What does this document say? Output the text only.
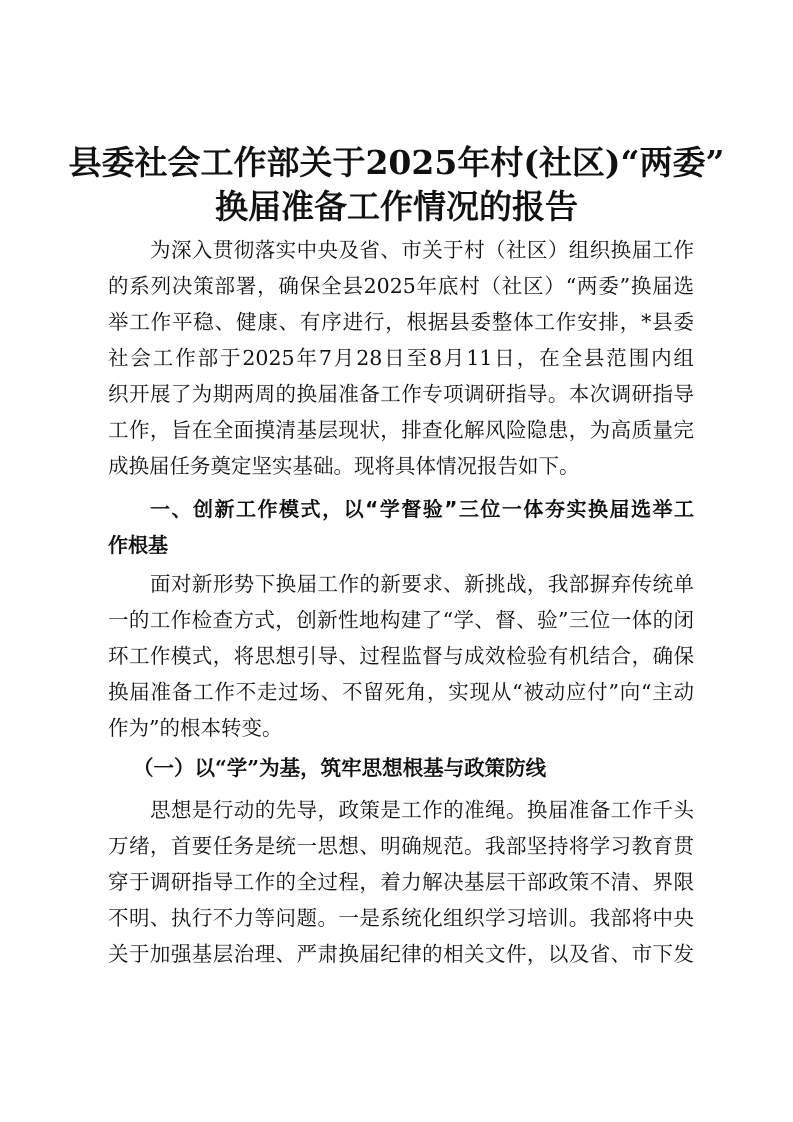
县委社会工作部关于2025年村(社区)“两委”
换届准备工作情况的报告
为深入贯彻落实中央及省、市关于村（社区）组织换届工作
的系列决策部署，确保全县2025年底村（社区）“两委”换届选
举工作平稳、健康、有序进行，根据县委整体工作安排，*县委
社会工作部于2025年7月28日至8月11日，在全县范围内组
织开展了为期两周的换届准备工作专项调研指导。本次调研指导
工作，旨在全面摸清基层现状，排查化解风险隐患，为高质量完
成换届任务奠定坚实基础。现将具体情况报告如下。
一、创新工作模式，以“学督验”三位一体夯实换届选举工
作根基
面对新形势下换届工作的新要求、新挑战，我部摒弃传统单
一的工作检查方式，创新性地构建了“学、督、验”三位一体的闭
环工作模式，将思想引导、过程监督与成效检验有机结合，确保
换届准备工作不走过场、不留死角，实现从“被动应付”向“主动
作为”的根本转变。
（一）以“学”为基，筑牢思想根基与政策防线
思想是行动的先导，政策是工作的准绳。换届准备工作千头
万绪，首要任务是统一思想、明确规范。我部坚持将学习教育贯
穿于调研指导工作的全过程，着力解决基层干部政策不清、界限
不明、执行不力等问题。一是系统化组织学习培训。我部将中央
关于加强基层治理、严肃换届纪律的相关文件，以及省、市下发
